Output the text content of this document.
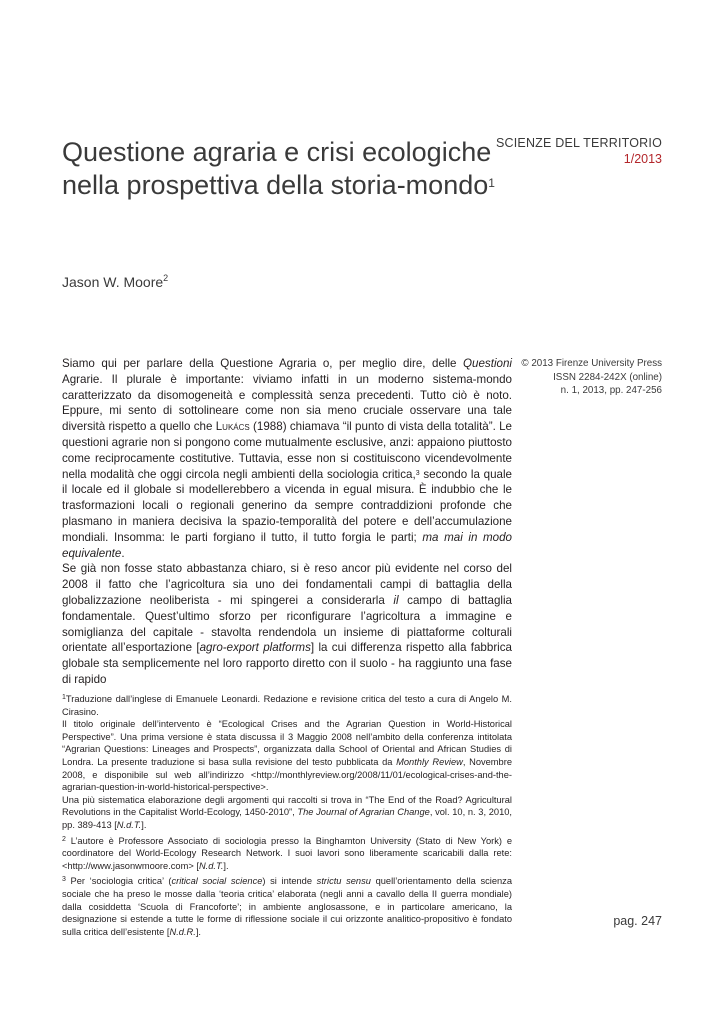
Questione agraria e crisi ecologiche
nella prospettiva della storia-mondo$^1$
SCIENZE DEL TERRITORIO
1/2013
Jason W. Moore$^2$
© 2013 Firenze University Press
ISSN 2284-242X (online)
n. 1, 2013, pp. 247-256

Siamo qui per parlare della Questione Agraria o, per meglio dire, delle Questioni Agrarie. Il plurale è importante: viviamo infatti in un moderno sistema-mondo caratterizzato da disomogeneità e complessità senza precedenti. Tutto ciò è noto. Eppure, mi sento di sottolineare come non sia meno cruciale osservare una tale diversità rispetto a quello che Lukács (1988) chiamava “il punto di vista della totalità”. Le questioni agrarie non si pongono come mutualmente esclusive, anzi: appaiono piuttosto come reciprocamente costitutive. Tuttavia, esse non si costituiscono vicendevolmente nella modalità che oggi circola negli ambienti della sociologia critica,$^3$ secondo la quale il locale ed il globale si modellerebbero a vicenda in egual misura. È indubbio che le trasformazioni locali o regionali generino da sempre contraddizioni profonde che plasmano in maniera decisiva la spazio-temporalità del potere e dell’accumulazione mondiali. Insomma: le parti forgiano il tutto, il tutto forgia le parti; ma mai in modo equivalente.

Se già non fosse stato abbastanza chiaro, si è reso ancor più evidente nel corso del 2008 il fatto che l’agricoltura sia uno dei fondamentali campi di battaglia della globalizzazione neoliberista - mi spingerei a considerarla il campo di battaglia fondamentale. Quest’ultimo sforzo per riconfigurare l’agricoltura a immagine e somiglianza del capitale - stavolta rendendola un insieme di piattaforme colturali orientate all’esportazione [agro-export platforms] la cui differenza rispetto alla fabbrica globale sta semplicemente nel loro rapporto diretto con il suolo - ha raggiunto una fase di rapido

$^1$Traduzione dall’inglese di Emanuele Leonardi. Redazione e revisione critica del testo a cura di Angelo M. Cirasino.
Il titolo originale dell’intervento è “Ecological Crises and the Agrarian Question in World-Historical Perspective”. Una prima versione è stata discussa il 3 Maggio 2008 nell’ambito della conferenza intitolata “Agrarian Questions: Lineages and Prospects”, organizzata dalla School of Oriental and African Studies di Londra. La presente traduzione si basa sulla revisione del testo pubblicata da Monthly Review, Novembre 2008, e disponibile sul web all’indirizzo <http://monthlyreview.org/2008/11/01/ecological-crises-and-the-agrarian-question-in-world-historical-perspective>.
Una più sistematica elaborazione degli argomenti qui raccolti si trova in “The End of the Road? Agricultural Revolutions in the Capitalist World-Ecology, 1450-2010”, The Journal of Agrarian Change, vol. 10, n. 3, 2010, pp. 389-413 [N.d.T.].

$^2$ L’autore è Professore Associato di sociologia presso la Binghamton University (Stato di New York) e coordinatore del World-Ecology Research Network. I suoi lavori sono liberamente scaricabili dalla rete: <http://www.jasonwmoore.com> [N.d.T.].

$^3$ Per ‘sociologia critica’ (critical social science) si intende strictu sensu quell’orientamento della scienza sociale che ha preso le mosse dalla ‘teoria critica’ elaborata (negli anni a cavallo della II guerra mondiale) dalla cosiddetta ‘Scuola di Francoforte’; in ambiente anglosassone, e in particolare americano, la designazione si estende a tutte le forme di riflessione sociale il cui orizzonte analitico-propositivo è fondato sulla critica dell’esistente [N.d.R.].

pag. 247
